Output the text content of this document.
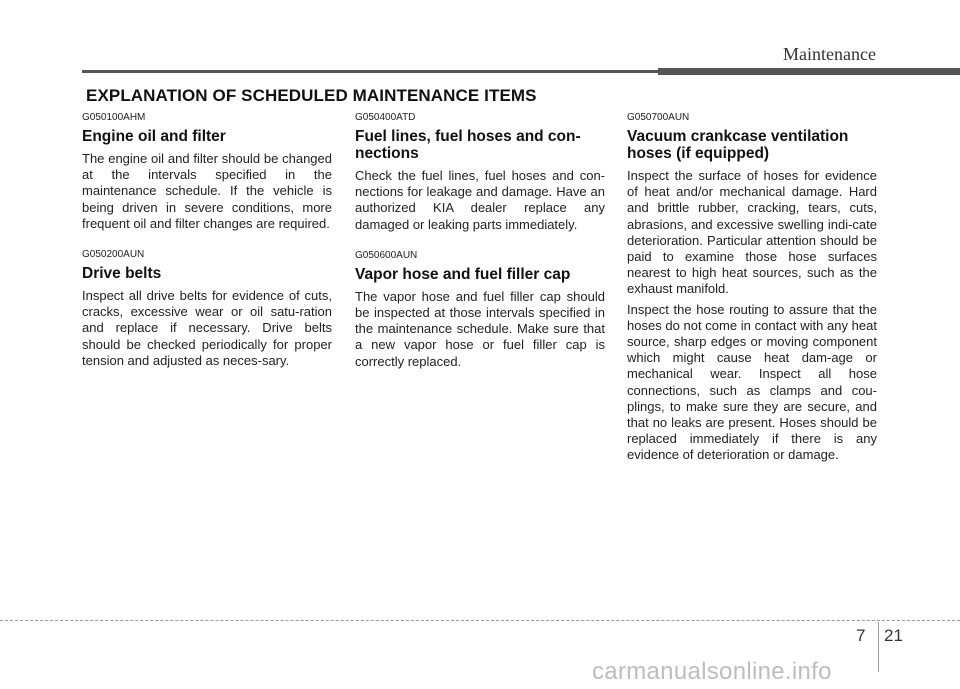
Maintenance
EXPLANATION OF SCHEDULED MAINTENANCE ITEMS
G050100AHM
Engine oil and filter

The engine oil and filter should be changed at the intervals specified in the maintenance schedule. If the vehicle is being driven in severe conditions, more frequent oil and filter changes are required.

G050200AUN
Drive belts

Inspect all drive belts for evidence of cuts, cracks, excessive wear or oil satu-ration and replace if necessary. Drive belts should be checked periodically for proper tension and adjusted as neces-sary.

G050400ATD
Fuel lines, fuel hoses and con-nections

Check the fuel lines, fuel hoses and con-nections for leakage and damage. Have an authorized KIA dealer replace any damaged or leaking parts immediately.

G050600AUN
Vapor hose and fuel filler cap

The vapor hose and fuel filler cap should be inspected at those intervals specified in the maintenance schedule. Make sure that a new vapor hose or fuel filler cap is correctly replaced.

G050700AUN
Vacuum crankcase ventilation hoses (if equipped)

Inspect the surface of hoses for evidence of heat and/or mechanical damage. Hard and brittle rubber, cracking, tears, cuts, abrasions, and excessive swelling indi-cate deterioration. Particular attention should be paid to examine those hose surfaces nearest to high heat sources, such as the exhaust manifold.

Inspect the hose routing to assure that the hoses do not come in contact with any heat source, sharp edges or moving component which might cause heat dam-age or mechanical wear. Inspect all hose connections, such as clamps and cou-plings, to make sure they are secure, and that no leaks are present. Hoses should be replaced immediately if there is any evidence of deterioration or damage.

7 21
carmanualsonline.info
